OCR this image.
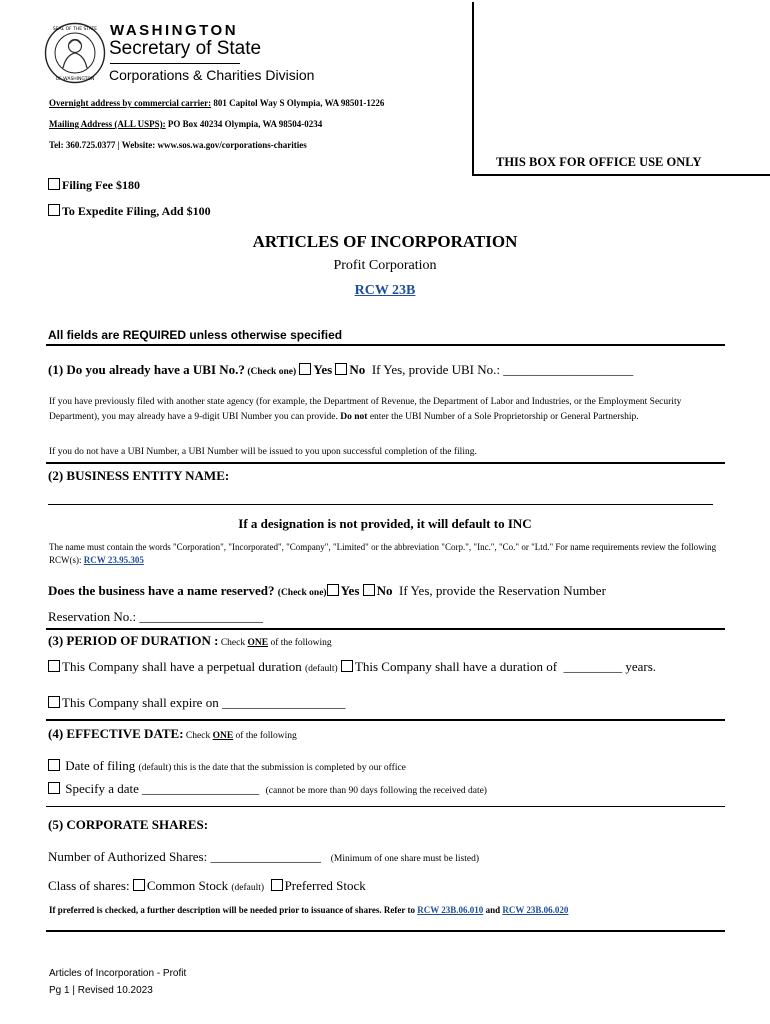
SEAL OF THE STATE
OF WASHINGTON
WASHINGTON
Secretary of State
Corporations & Charities Division
Overnight address by commercial carrier: 801 Capitol Way S Olympia, WA 98501-1226
Mailing Address (ALL USPS): PO Box 40234 Olympia, WA 98504-0234
Tel: 360.725.0377 | Website: www.sos.wa.gov/corporations-charities
THIS BOX FOR OFFICE USE ONLY
Filing Fee $180
To Expedite Filing, Add $100
ARTICLES OF INCORPORATION
Profit Corporation
RCW 23B
All fields are REQUIRED unless otherwise specified
(1) Do you already have a UBI No.? (Check one) Yes No If Yes, provide UBI No.: ____________________
If you have previously filed with another state agency (for example, the Department of Revenue, the Department of Labor and Industries, or the Employment Security Department), you may already have a 9-digit UBI Number you can provide. Do not enter the UBI Number of a Sole Proprietorship or General Partnership.
If you do not have a UBI Number, a UBI Number will be issued to you upon successful completion of the filing.
(2) BUSINESS ENTITY NAME:
If a designation is not provided, it will default to INC
The name must contain the words "Corporation", "Incorporated", "Company", "Limited" or the abbreviation "Corp.", "Inc.", "Co." or "Ltd." For name requirements review the following RCW(s): RCW 23.95.305
Does the business have a name reserved? (Check one) Yes No If Yes, provide the Reservation Number
Reservation No.: ___________________
(3) PERIOD OF DURATION : Check ONE of the following
This Company shall have a perpetual duration (default) This Company shall have a duration of _________ years.
This Company shall expire on ___________________
(4) EFFECTIVE DATE: Check ONE of the following
Date of filing (default) this is the date that the submission is completed by our office
Specify a date __________________ (cannot be more than 90 days following the received date)
(5) CORPORATE SHARES:
Number of Authorized Shares: _________________ (Minimum of one share must be listed)
Class of shares: Common Stock (default) Preferred Stock
If preferred is checked, a further description will be needed prior to issuance of shares. Refer to RCW 23B.06.010 and RCW 23B.06.020
Articles of Incorporation - Profit
Pg 1 | Revised 10.2023
